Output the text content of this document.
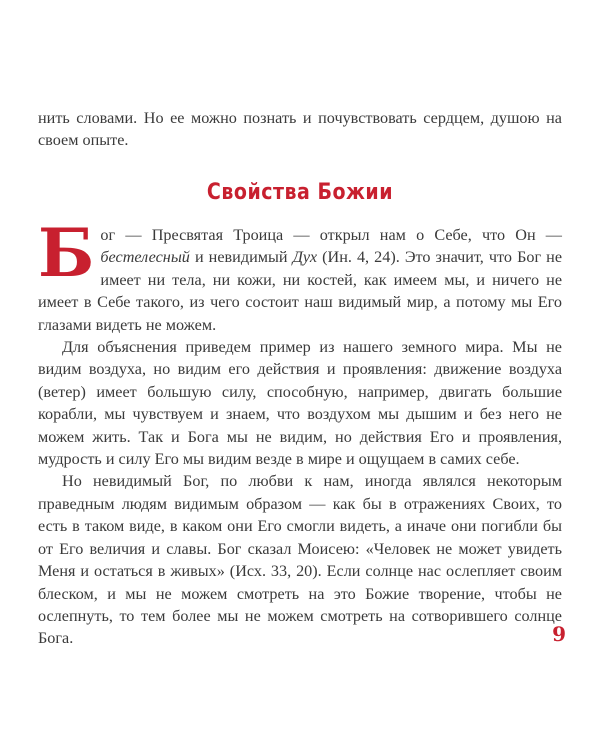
нить словами. Но ее можно познать и почувствовать сердцем, душою на своем опыте.

Свойства Божии

Бог — Пресвятая Троица — открыл нам о Себе, что Он — бестелесный и невидимый Дух (Ин. 4, 24). Это значит, что Бог не имеет ни тела, ни кожи, ни костей, как имеем мы, и ничего не имеет в Себе такого, из чего состоит наш видимый мир, а потому мы Его глазами видеть не можем.

Для объяснения приведем пример из нашего земного мира. Мы не видим воздуха, но видим его действия и проявления: движение воздуха (ветер) имеет большую силу, способную, например, двигать большие корабли, мы чувствуем и знаем, что воздухом мы дышим и без него не можем жить. Так и Бога мы не видим, но действия Его и проявления, мудрость и силу Его мы видим везде в мире и ощущаем в самих себе.

Но невидимый Бог, по любви к нам, иногда являлся некоторым праведным людям видимым образом — как бы в отражениях Своих, то есть в таком виде, в каком они Его смогли видеть, а иначе они погибли бы от Его величия и славы. Бог сказал Моисею: «Человек не может увидеть Меня и остаться в живых» (Исх. 33, 20). Если солнце нас ослепляет своим блеском, и мы не можем смотреть на это Божие творение, чтобы не ослепнуть, то тем более мы не можем смотреть на сотворившего солнце Бога.	9
